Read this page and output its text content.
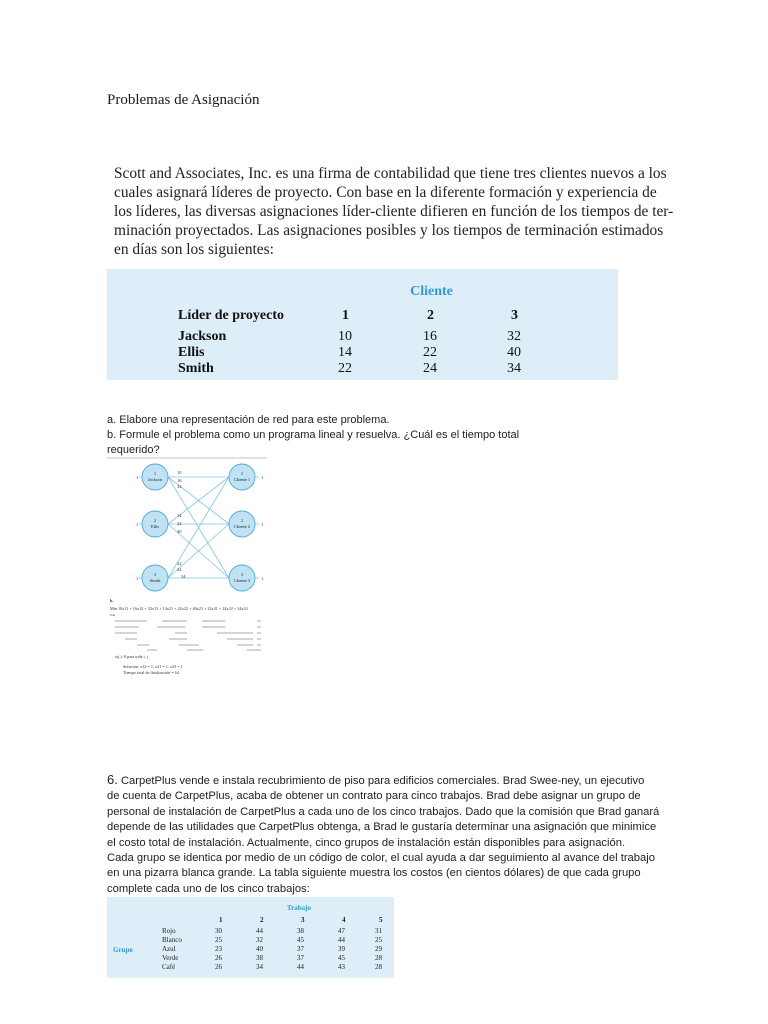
Problemas de Asignación
Scott and Associates, Inc. es una firma de contabilidad que tiene tres clientes nuevos a los
cuales asignará líderes de proyecto. Con base en la diferente formación y experiencia de
los líderes, las diversas asignaciones líder-cliente difieren en función de los tiempos de ter-
minación proyectados. Las asignaciones posibles y los tiempos de terminación estimados
en días son los siguientes:
Cliente
Líder de proyecto	1	2	3
Jackson	10	16	32
Ellis	14	22	40
Smith	22	24	34
a. Elabore una representación de red para este problema.
b. Formule el problema como un programa lineal y resuelva. ¿Cuál es el tiempo total
requerido?
1
Jackson
2
Ellis
3
Smith
1
Cliente 1
2
Cliente 2
3
Cliente 3
1
1
1
1
1
1
10
16
32
14
22
40
22
24
34
b.
Min 10x11 + 16x12 + 32x13 + 14x21 + 22x22 + 40x23 + 22x31 + 24x32 + 34x33
s.a.
xij ≥ 0 para toda i, j
Solución: x12 = 1, x21 = 1, x33 = 1
Tiempo total de finalización = 64
6. CarpetPlus vende e instala recubrimiento de piso para edificios comerciales. Brad Swee-ney, un ejecutivo
de cuenta de CarpetPlus, acaba de obtener un contrato para cinco trabajos. Brad debe asignar un grupo de
personal de instalación de CarpetPlus a cada uno de los cinco trabajos. Dado que la comisión que Brad ganará
depende de las utilidades que CarpetPlus obtenga, a Brad le gustaría determinar una asignación que minimice
el costo total de instalación. Actualmente, cinco grupos de instalación están disponibles para asignación.
Cada grupo se identica por medio de un código de color, el cual ayuda a dar seguimiento al avance del trabajo
en una pizarra blanca grande. La tabla siguiente muestra los costos (en cientos dólares) de que cada grupo
complete cada uno de los cinco trabajos:
Trabajo
1	2	3	4	5
Grupo
Rojo	30	44	38	47	31
Blanco	25	32	45	44	25
Azul	23	40	37	39	29
Verde	26	38	37	45	28
Café	26	34	44	43	28
